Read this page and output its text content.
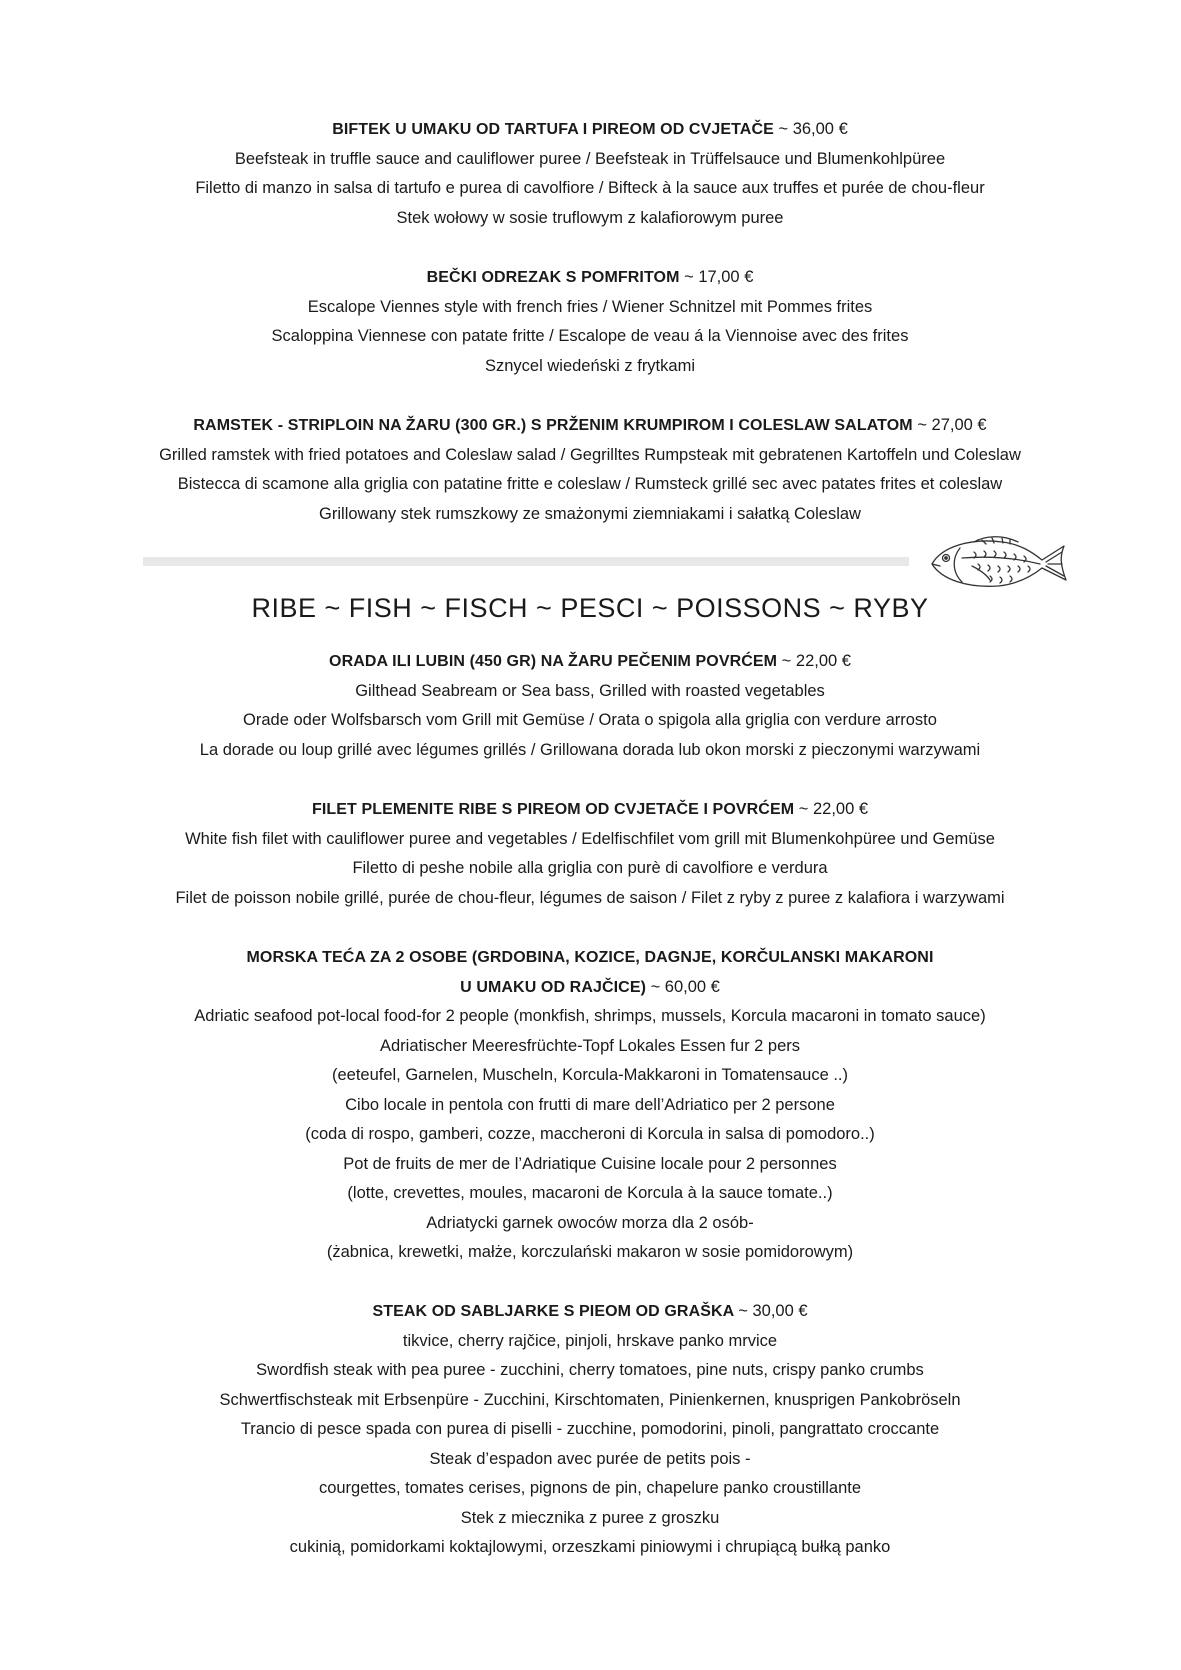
BIFTEK U UMAKU OD TARTUFA I PIREOM OD CVJETAČE ~ 36,00 €
Beefsteak in truffle sauce and cauliflower puree / Beefsteak in Trüffelsauce und Blumenkohlpüree
Filetto di manzo in salsa di tartufo e purea di cavolfiore / Bifteck à la sauce aux truffes et purée de chou-fleur
Stek wołowy w sosie truflowym z kalafiorowym puree
BEČKI ODREZAK S POMFRITOM ~ 17,00 €
Escalope Viennes style with french fries / Wiener Schnitzel mit Pommes frites
Scaloppina Viennese con patate fritte / Escalope de veau á la Viennoise avec des frites
Sznycel wiedeński z frytkami
RAMSTEK - STRIPLOIN NA ŽARU (300 GR.) S PRŽENIM KRUMPIROM I COLESLAW SALATOM ~ 27,00 €
Grilled ramstek with fried potatoes and Coleslaw salad / Gegrilltes Rumpsteak mit gebratenen Kartoffeln und Coleslaw
Bistecca di scamone alla griglia con patatine fritte e coleslaw / Rumsteck grillé sec avec patates frites et coleslaw
Grillowany stek rumszkowy ze smażonymi ziemniakami i sałatką Coleslaw
RIBE ~ FISH ~ FISCH ~ PESCI ~ POISSONS ~ RYBY
ORADA ILI LUBIN (450 GR) NA ŽARU PEČENIM POVRĆEM ~ 22,00 €
Gilthead Seabream or Sea bass, Grilled with roasted vegetables
Orade oder Wolfsbarsch vom Grill mit Gemüse / Orata o spigola alla griglia con verdure arrosto
La dorade ou loup grillé avec légumes grillés / Grillowana dorada lub okon morski z pieczonymi warzywami
FILET PLEMENITE RIBE S PIREOM OD CVJETAČE I POVRĆEM ~ 22,00 €
White fish filet with cauliflower puree and vegetables / Edelfischfilet vom grill mit Blumenkohpüree und Gemüse
Filetto di peshe nobile alla griglia con purè di cavolfiore e verdura
Filet de poisson nobile grillé, purée de chou-fleur, légumes de saison / Filet z ryby z puree z kalafiora i warzywami
MORSKA TEĆA ZA 2 OSOBE (GRDOBINA, KOZICE, DAGNJE, KORČULANSKI MAKARONI
U UMAKU OD RAJČICE) ~ 60,00 €
Adriatic seafood pot-local food-for 2 people (monkfish, shrimps, mussels, Korcula macaroni in tomato sauce)
Adriatischer Meeresfrüchte-Topf Lokales Essen fur 2 pers
(eeteufel, Garnelen, Muscheln, Korcula-Makkaroni in Tomatensauce ..)
Cibo locale in pentola con frutti di mare dell’Adriatico per 2 persone
(coda di rospo, gamberi, cozze, maccheroni di Korcula in salsa di pomodoro..)
Pot de fruits de mer de l’Adriatique Cuisine locale pour 2 personnes
(lotte, crevettes, moules, macaroni de Korcula à la sauce tomate..)
Adriatycki garnek owoców morza dla 2 osób-
(żabnica, krewetki, małże, korczulański makaron w sosie pomidorowym)
STEAK OD SABLJARKE S PIEOM OD GRAŠKA ~ 30,00 €
tikvice, cherry rajčice, pinjoli, hrskave panko mrvice
Swordfish steak with pea puree - zucchini, cherry tomatoes, pine nuts, crispy panko crumbs
Schwertfischsteak mit Erbsenpüre - Zucchini, Kirschtomaten, Pinienkernen, knusprigen Pankobröseln
Trancio di pesce spada con purea di piselli - zucchine, pomodorini, pinoli, pangrattato croccante
Steak d’espadon avec purée de petits pois -
courgettes, tomates cerises, pignons de pin, chapelure panko croustillante
Stek z miecznika z puree z groszku
cukinią, pomidorkami koktajlowymi, orzeszkami piniowymi i chrupiącą bułką panko
